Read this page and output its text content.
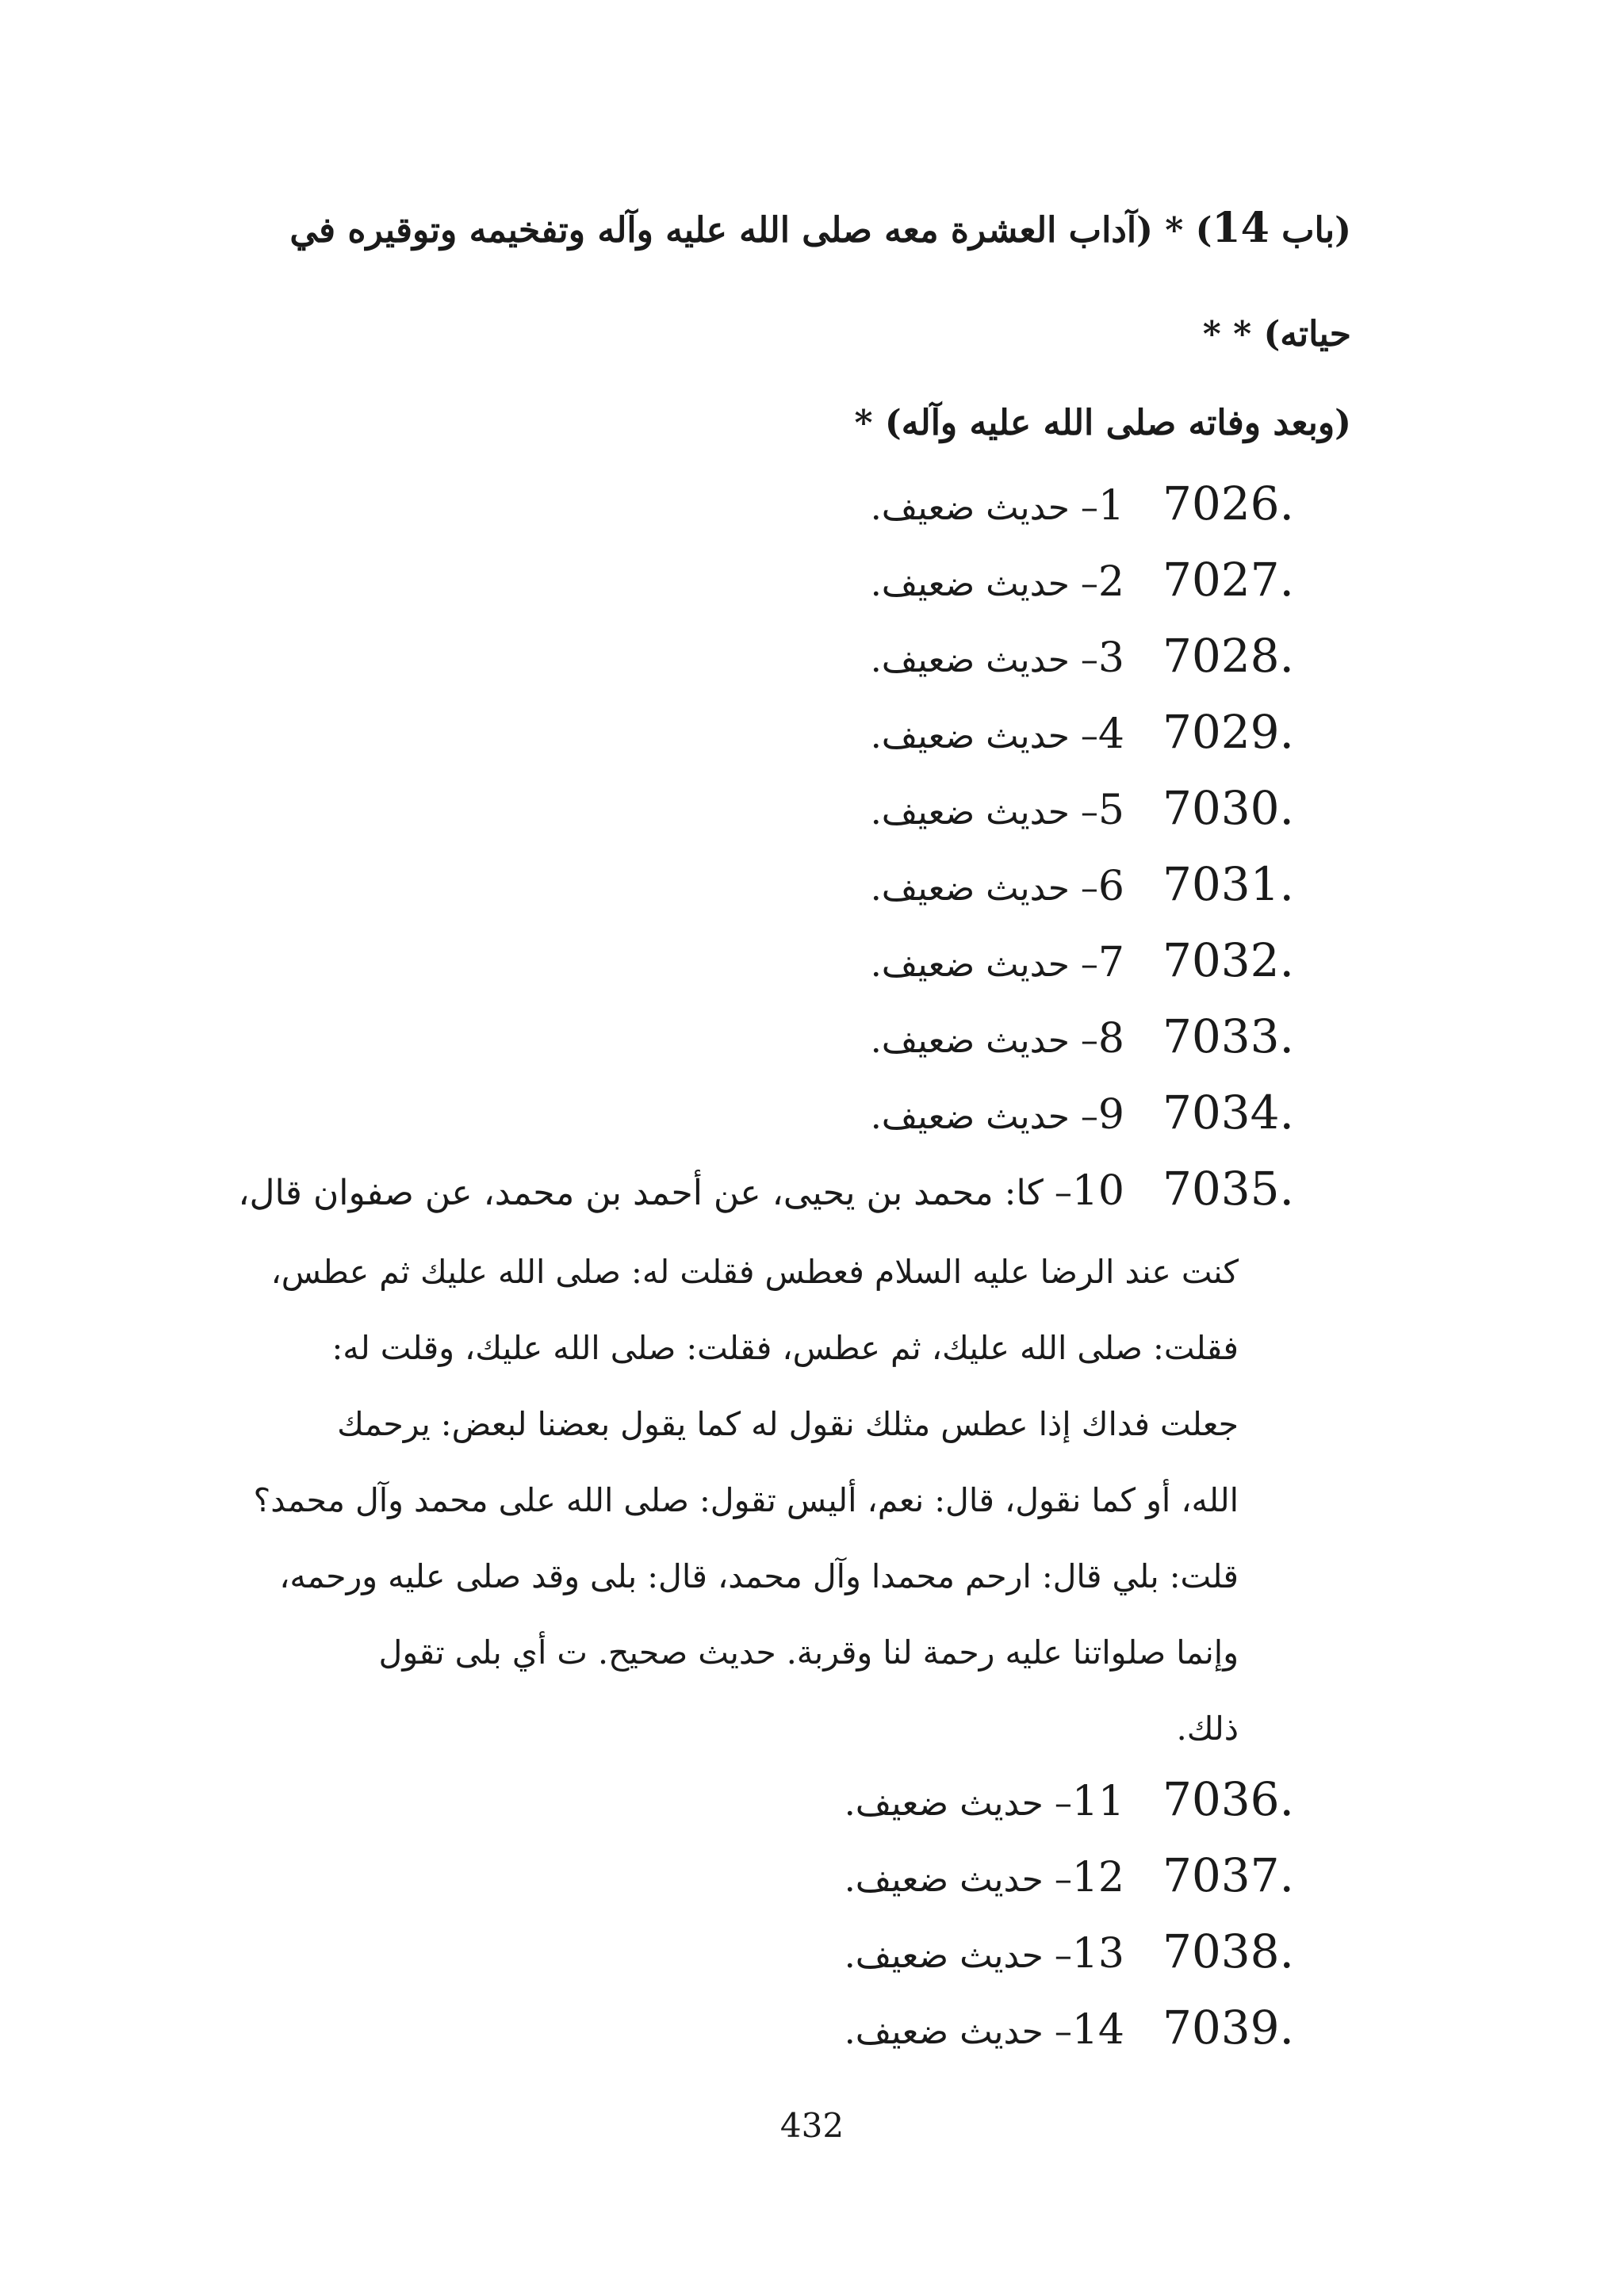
(باب 14) * (آداب العشرة معه صلى الله عليه وآله وتفخيمه وتوقيره في
حياته) * *
(وبعد وفاته صلى الله عليه وآله) *
7026.
1– حديث ضعيف.
7027.
2– حديث ضعيف.
7028.
3– حديث ضعيف.
7029.
4– حديث ضعيف.
7030.
5– حديث ضعيف.
7031.
6– حديث ضعيف.
7032.
7– حديث ضعيف.
7033.
8– حديث ضعيف.
7034.
9– حديث ضعيف.
7035.
10– كا: محمد بن يحيى، عن أحمد بن محمد، عن صفوان قال،
كنت عند الرضا عليه السلام فعطس فقلت له: صلى الله عليك ثم عطس،
فقلت: صلى الله عليك، ثم عطس، فقلت: صلى الله عليك، وقلت له:
جعلت فداك إذا عطس مثلك نقول له كما يقول بعضنا لبعض: يرحمك
الله، أو كما نقول، قال: نعم، أليس تقول: صلى الله على محمد وآل محمد؟
قلت: بلي قال: ارحم محمدا وآل محمد، قال: بلى وقد صلى عليه ورحمه،
وإنما صلواتنا عليه رحمة لنا وقربة. حديث صحيح. ت أي بلى تقول
ذلك.
7036.
11– حديث ضعيف.
7037.
12– حديث ضعيف.
7038.
13– حديث ضعيف.
7039.
14– حديث ضعيف.
432
